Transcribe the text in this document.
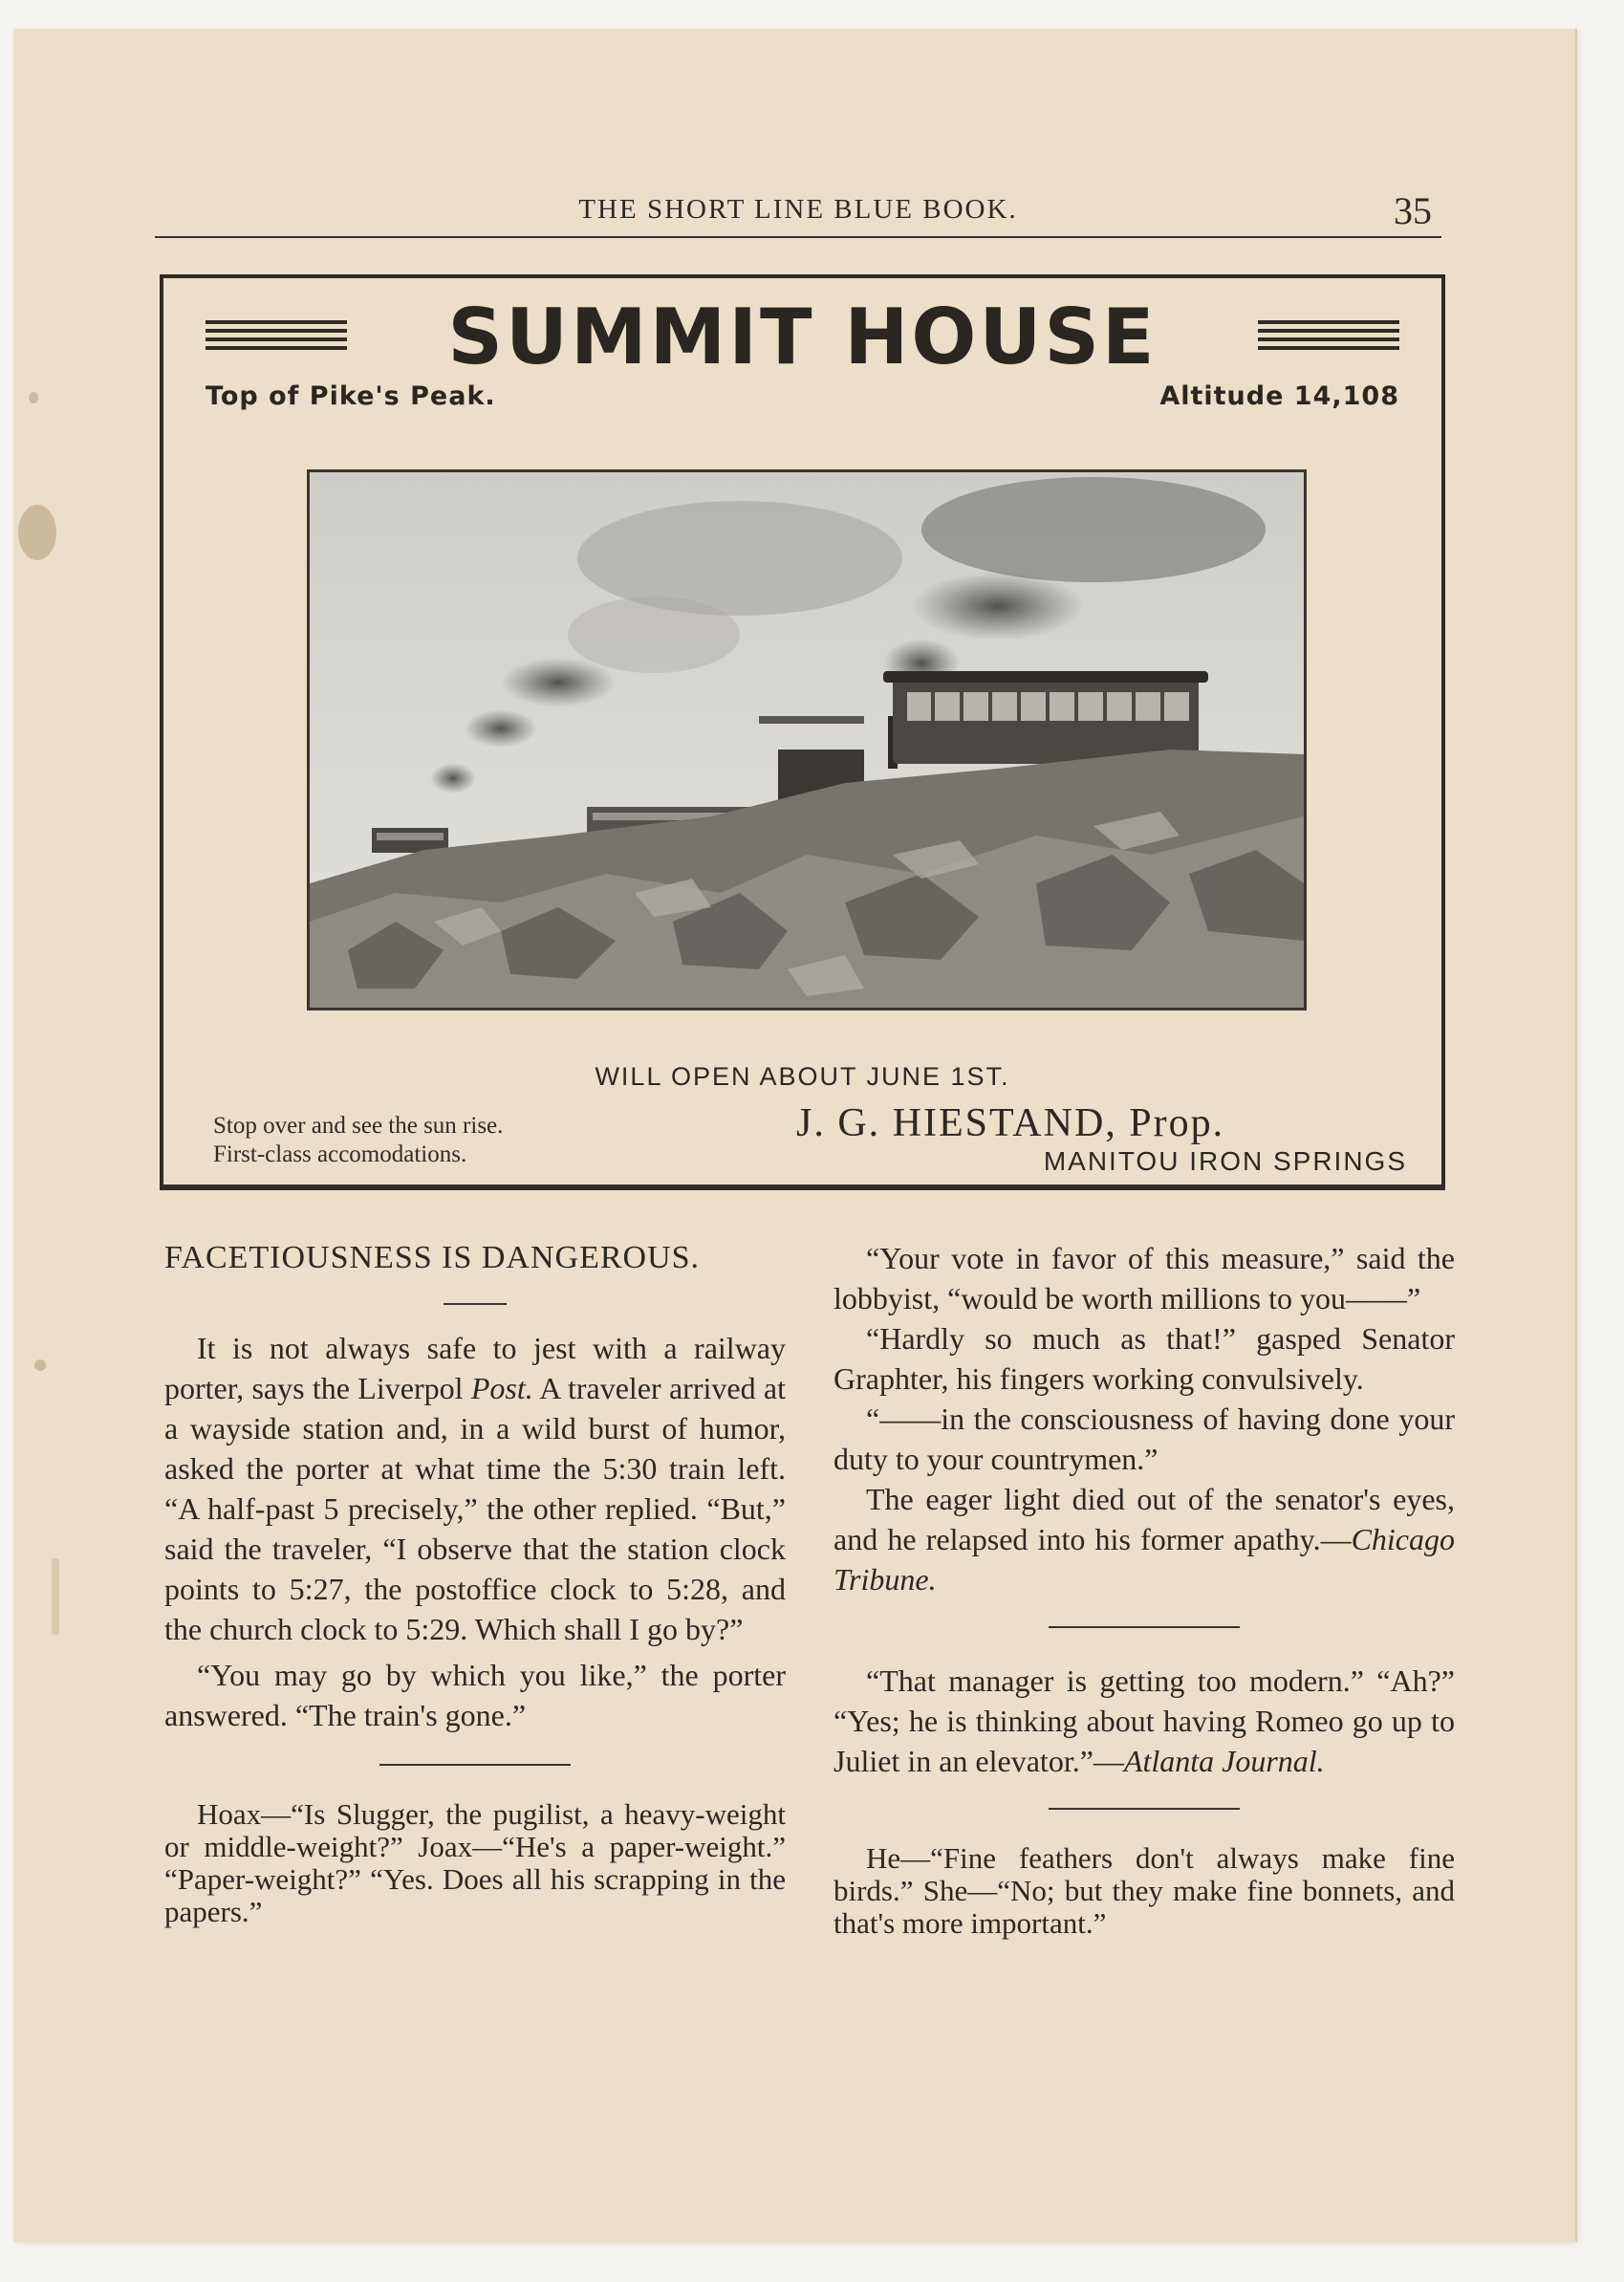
THE SHORT LINE BLUE BOOK.	35
SUMMIT HOUSE
Top of Pike's Peak.	Altitude 14,108
WILL OPEN ABOUT JUNE 1ST.
Stop over and see the sun rise.
First-class accomodations.
J. G. HIESTAND, Prop.
MANITOU IRON SPRINGS
FACETIOUSNESS IS DANGEROUS.

It is not always safe to jest with a railway porter, says the Liverpol Post. A traveler arrived at a wayside station and, in a wild burst of humor, asked the porter at what time the 5:30 train left. “A half-past 5 precisely,” the other replied. “But,” said the traveler, “I observe that the station clock points to 5:27, the postoffice clock to 5:28, and the church clock to 5:29. Which shall I go by?”

“You may go by which you like,” the porter answered. “The train's gone.”

Hoax—“Is Slugger, the pugilist, a heavy-weight or middle-weight?” Joax—“He's a paper-weight.” “Paper-weight?” “Yes. Does all his scrapping in the papers.”

“Your vote in favor of this measure,” said the lobbyist, “would be worth millions to you——”

“Hardly so much as that!” gasped Senator Graphter, his fingers working convulsively.

“——in the consciousness of having done your duty to your countrymen.”

The eager light died out of the senator's eyes, and he relapsed into his former apathy.—Chicago Tribune.

“That manager is getting too modern.” “Ah?” “Yes; he is thinking about having Romeo go up to Juliet in an elevator.”—Atlanta Journal.

He—“Fine feathers don't always make fine birds.” She—“No; but they make fine bonnets, and that's more important.”
